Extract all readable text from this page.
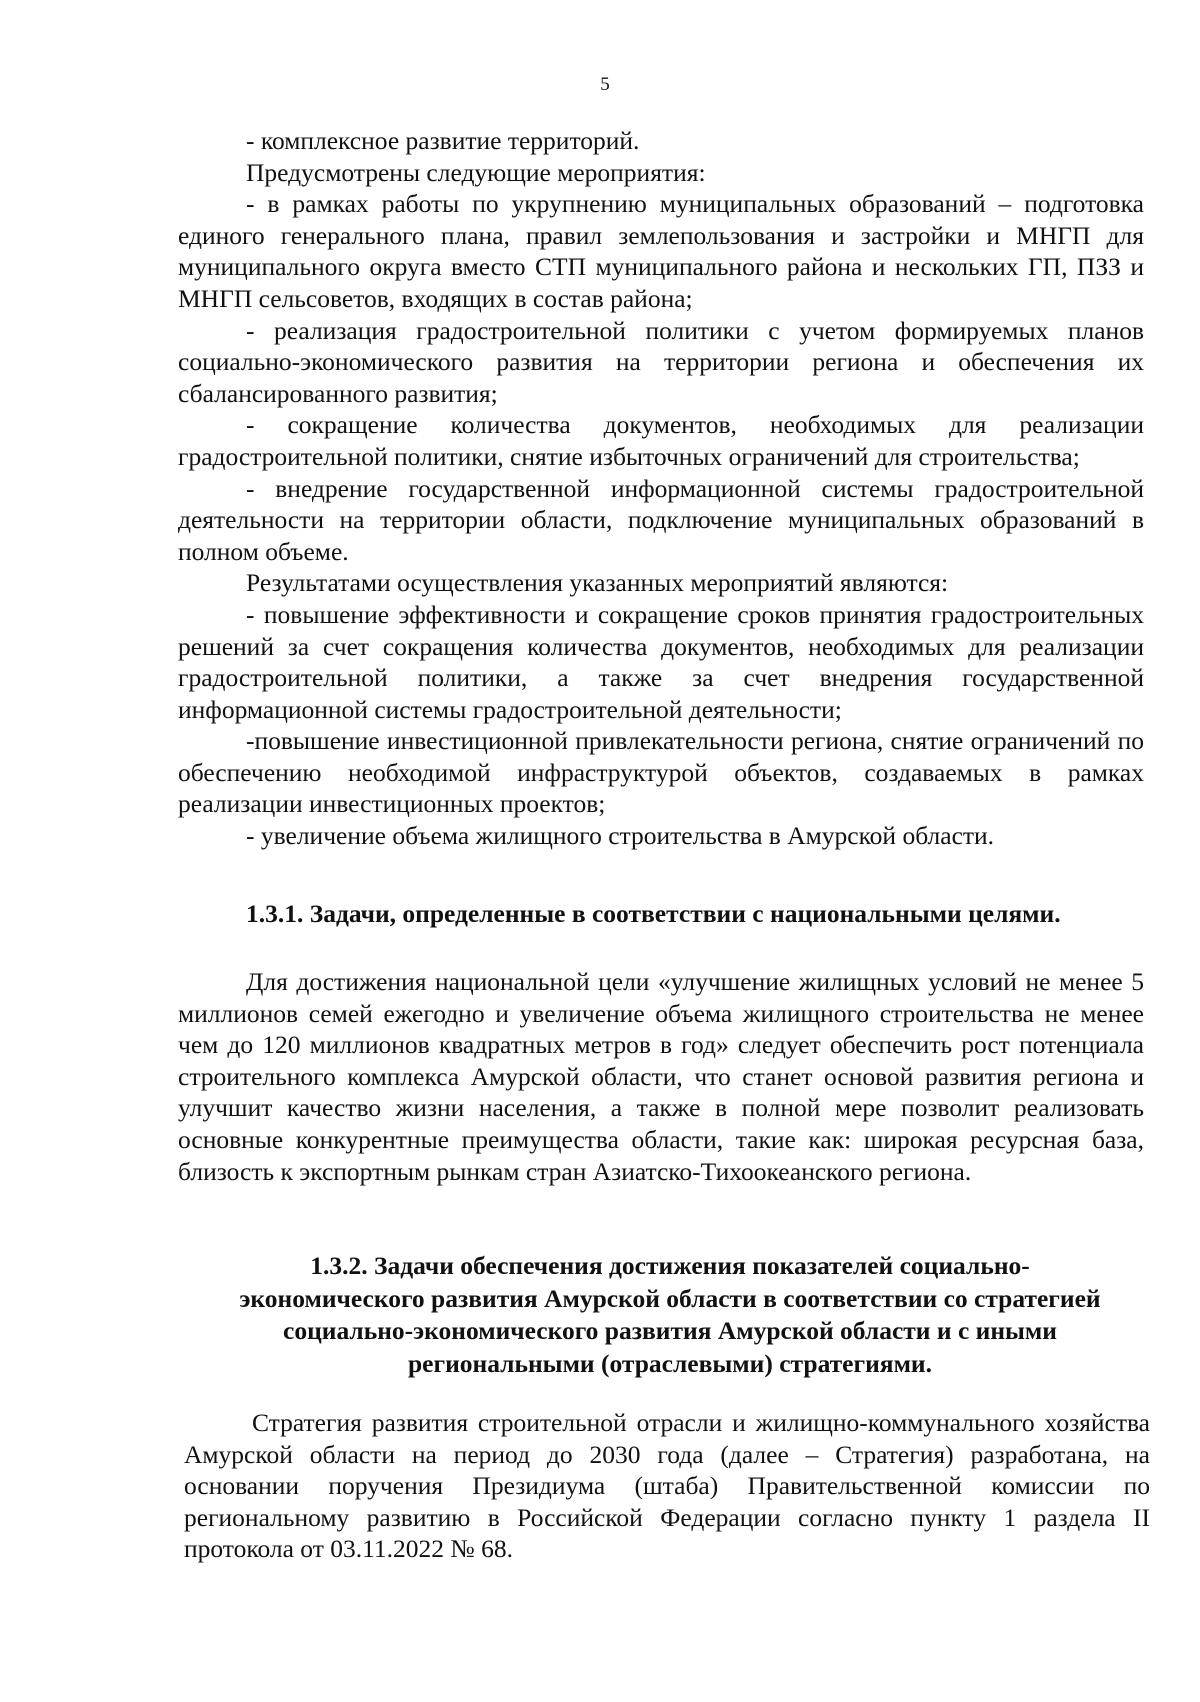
5

- комплексное развитие территорий.

Предусмотрены следующие мероприятия:

- в рамках работы по укрупнению муниципальных образований – подготовка единого генерального плана, правил землепользования и застройки и МНГП для муниципального округа вместо СТП муниципального района и нескольких ГП, ПЗЗ и МНГП сельсоветов, входящих в состав района;

- реализация градостроительной политики с учетом формируемых планов социально-экономического развития на территории региона и обеспечения их сбалансированного развития;

- сокращение количества документов, необходимых для реализации градостроительной политики, снятие избыточных ограничений для строительства;

- внедрение государственной информационной системы градостроительной деятельности на территории области, подключение муниципальных образований в полном объеме.

Результатами осуществления указанных мероприятий являются:

- повышение эффективности и сокращение сроков принятия градостроительных решений за счет сокращения количества документов, необходимых для реализации градостроительной политики, а также за счет внедрения государственной информационной системы градостроительной деятельности;

-повышение инвестиционной привлекательности региона, снятие ограничений по обеспечению необходимой инфраструктурой объектов, создаваемых в рамках реализации инвестиционных проектов;

- увеличение объема жилищного строительства в Амурской области.

1.3.1. Задачи, определенные в соответствии с национальными целями.

Для достижения национальной цели «улучшение жилищных условий не менее 5 миллионов семей ежегодно и увеличение объема жилищного строительства не менее чем до 120 миллионов квадратных метров в год» следует обеспечить рост потенциала строительного комплекса Амурской области, что станет основой развития региона и улучшит качество жизни населения, а также в полной мере позволит реализовать основные конкурентные преимущества области, такие как: широкая ресурсная база, близость к экспортным рынкам стран Азиатско-Тихоокеанского региона.

1.3.2. Задачи обеспечения достижения показателей социально-
экономического развития Амурской области в соответствии со стратегией
социально-экономического развития Амурской области и с иными
региональными (отраслевыми) стратегиями.

Стратегия развития строительной отрасли и жилищно-коммунального хозяйства Амурской области на период до 2030 года (далее – Стратегия) разработана, на основании поручения Президиума (штаба) Правительственной комиссии по региональному развитию в Российской Федерации согласно пункту 1 раздела II протокола от 03.11.2022 № 68.
